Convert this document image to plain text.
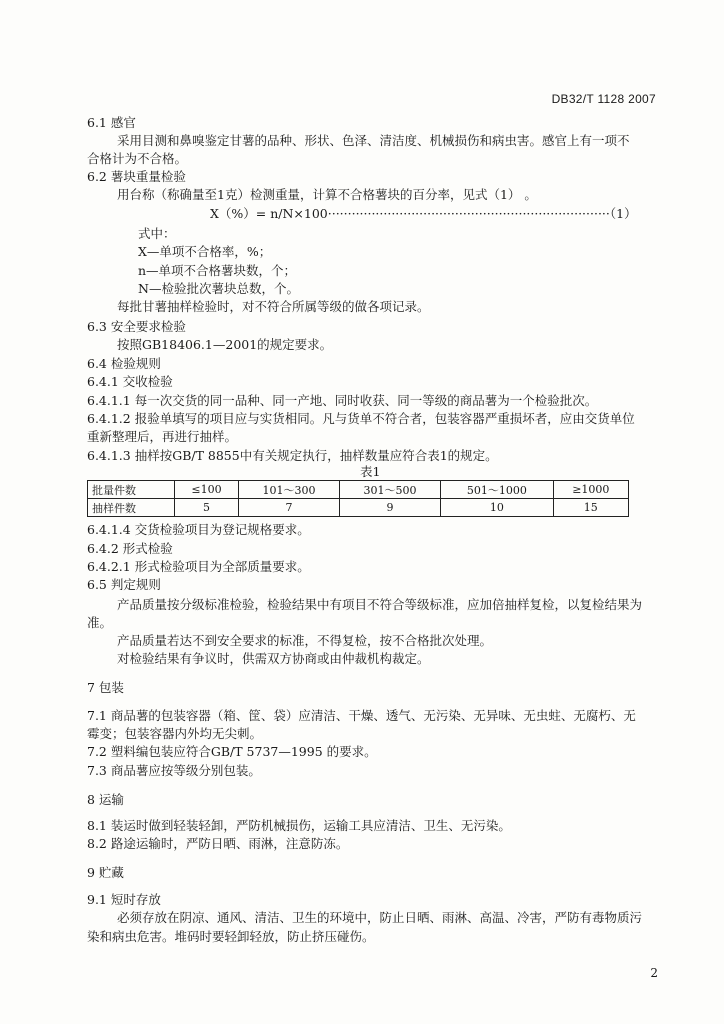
DB32/T 1128 2007
6.1 感官
采用目测和鼻嗅鉴定甘薯的品种、形状、色泽、清洁度、机械损伤和病虫害。感官上有一项不
合格计为不合格。
6.2 薯块重量检验
用台称（称确量至1克）检测重量，计算不合格薯块的百分率，见式（1） 。
X（%）= n/N×100·······································································（1）
式中：
X—单项不合格率，%；
n—单项不合格薯块数，个；
N—检验批次薯块总数，个。
每批甘薯抽样检验时，对不符合所属等级的做各项记录。
6.3 安全要求检验
按照GB18406.1—2001的规定要求。
6.4 检验规则
6.4.1 交收检验
6.4.1.1 每一次交货的同一品种、同一产地、同时收获、同一等级的商品薯为一个检验批次。
6.4.1.2 报验单填写的项目应与实货相同。凡与货单不符合者，包装容器严重损坏者，应由交货单位
重新整理后，再进行抽样。
6.4.1.3 抽样按GB/T 8855中有关规定执行，抽样数量应符合表1的规定。
6.4.1.4 交货检验项目为登记规格要求。
6.4.2 形式检验
6.4.2.1 形式检验项目为全部质量要求。
6.5 判定规则
产品质量按分级标准检验，检验结果中有项目不符合等级标准，应加倍抽样复检，以复检结果为
准。
产品质量若达不到安全要求的标准，不得复检，按不合格批次处理。
对检验结果有争议时，供需双方协商或由仲裁机构裁定。
7 包装
7.1 商品薯的包装容器（箱、筐、袋）应清洁、干燥、透气、无污染、无异味、无虫蛀、无腐朽、无
霉变；包装容器内外均无尖刺。
7.2 塑料编包装应符合GB/T 5737—1995 的要求。
7.3 商品薯应按等级分别包装。
8 运输
8.1 装运时做到轻装轻卸，严防机械损伤，运输工具应清洁、卫生、无污染。
8.2 路途运输时，严防日晒、雨淋，注意防冻。
9 贮藏
9.1 短时存放
必须存放在阴凉、通风、清洁、卫生的环境中，防止日晒、雨淋、高温、冷害，严防有毒物质污
染和病虫危害。堆码时要轻卸轻放，防止挤压碰伤。
表1
批量件数	≤100	101～300	301～500	501～1000	≥1000
抽样件数	5	7	9	10	15
2
